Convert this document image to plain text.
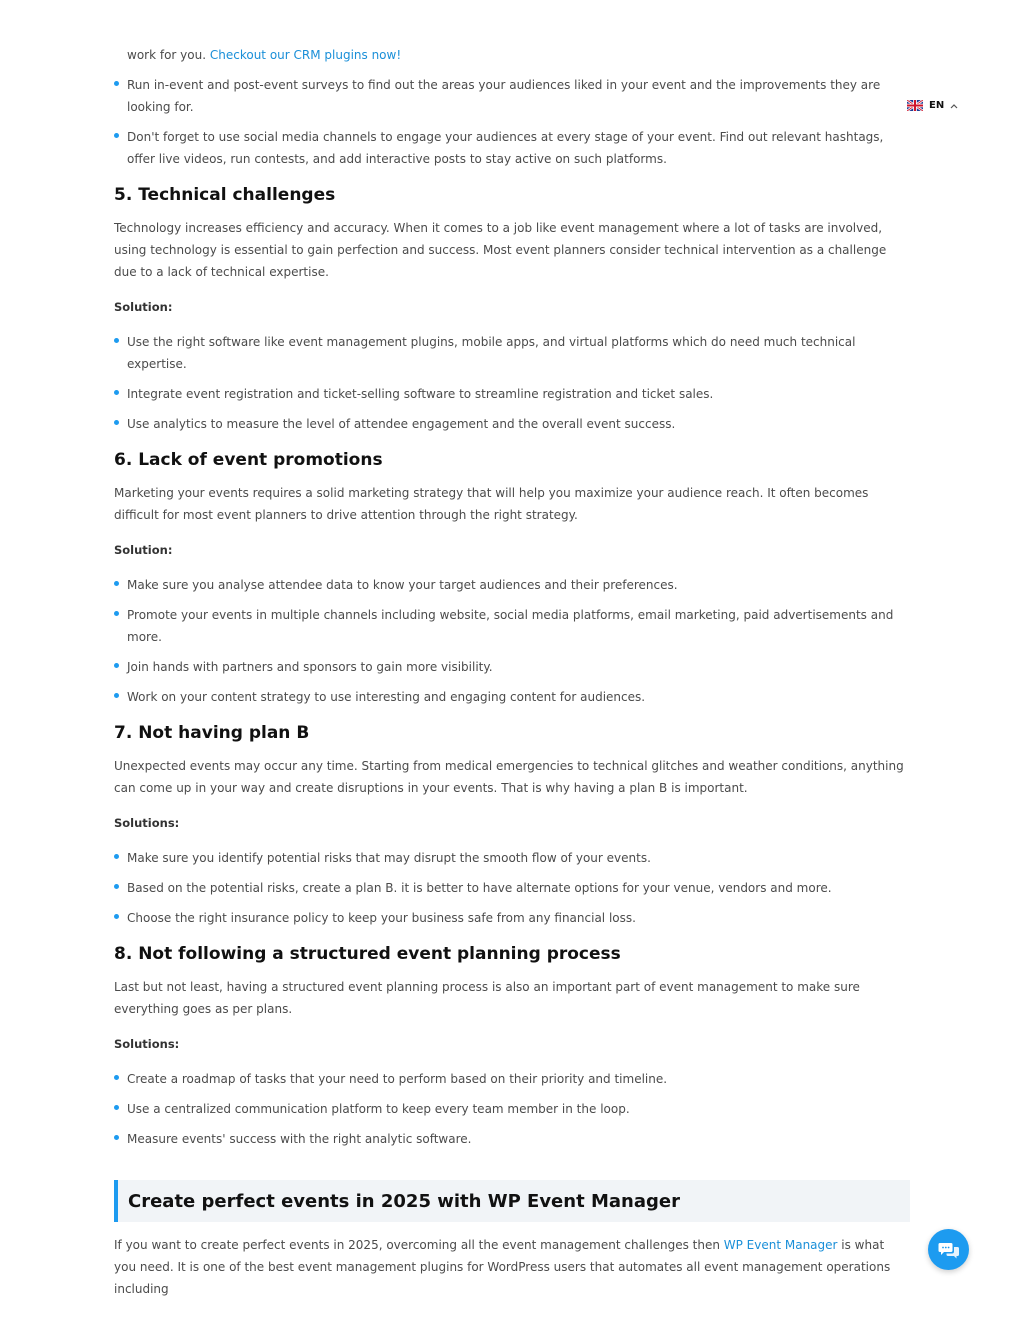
work for you. Checkout our CRM plugins now!

Run in-event and post-event surveys to find out the areas your audiences liked in your event and the improvements they are looking for.
Don't forget to use social media channels to engage your audiences at every stage of your event. Find out relevant hashtags, offer live videos, run contests, and add interactive posts to stay active on such platforms.
5. Technical challenges

Technology increases efficiency and accuracy. When it comes to a job like event management where a lot of tasks are involved, using technology is essential to gain perfection and success. Most event planners consider technical intervention as a challenge due to a lack of technical expertise.

Solution:

Use the right software like event management plugins, mobile apps, and virtual platforms which do need much technical expertise.
Integrate event registration and ticket-selling software to streamline registration and ticket sales.
Use analytics to measure the level of attendee engagement and the overall event success.
6. Lack of event promotions

Marketing your events requires a solid marketing strategy that will help you maximize your audience reach. It often becomes difficult for most event planners to drive attention through the right strategy.

Solution:

Make sure you analyse attendee data to know your target audiences and their preferences.
Promote your events in multiple channels including website, social media platforms, email marketing, paid advertisements and more.
Join hands with partners and sponsors to gain more visibility.
Work on your content strategy to use interesting and engaging content for audiences.
7. Not having plan B

Unexpected events may occur any time. Starting from medical emergencies to technical glitches and weather conditions, anything can come up in your way and create disruptions in your events. That is why having a plan B is important.

Solutions:

Make sure you identify potential risks that may disrupt the smooth flow of your events.
Based on the potential risks, create a plan B. it is better to have alternate options for your venue, vendors and more.
Choose the right insurance policy to keep your business safe from any financial loss.
8. Not following a structured event planning process

Last but not least, having a structured event planning process is also an important part of event management to make sure everything goes as per plans.

Solutions:

Create a roadmap of tasks that your need to perform based on their priority and timeline.
Use a centralized communication platform to keep every team member in the loop.
Measure events' success with the right analytic software.
Create perfect events in 2025 with WP Event Manager

If you want to create perfect events in 2025, overcoming all the event management challenges then WP Event Manager is what you need. It is one of the best event management plugins for WordPress users that automates all event management operations including

EN
